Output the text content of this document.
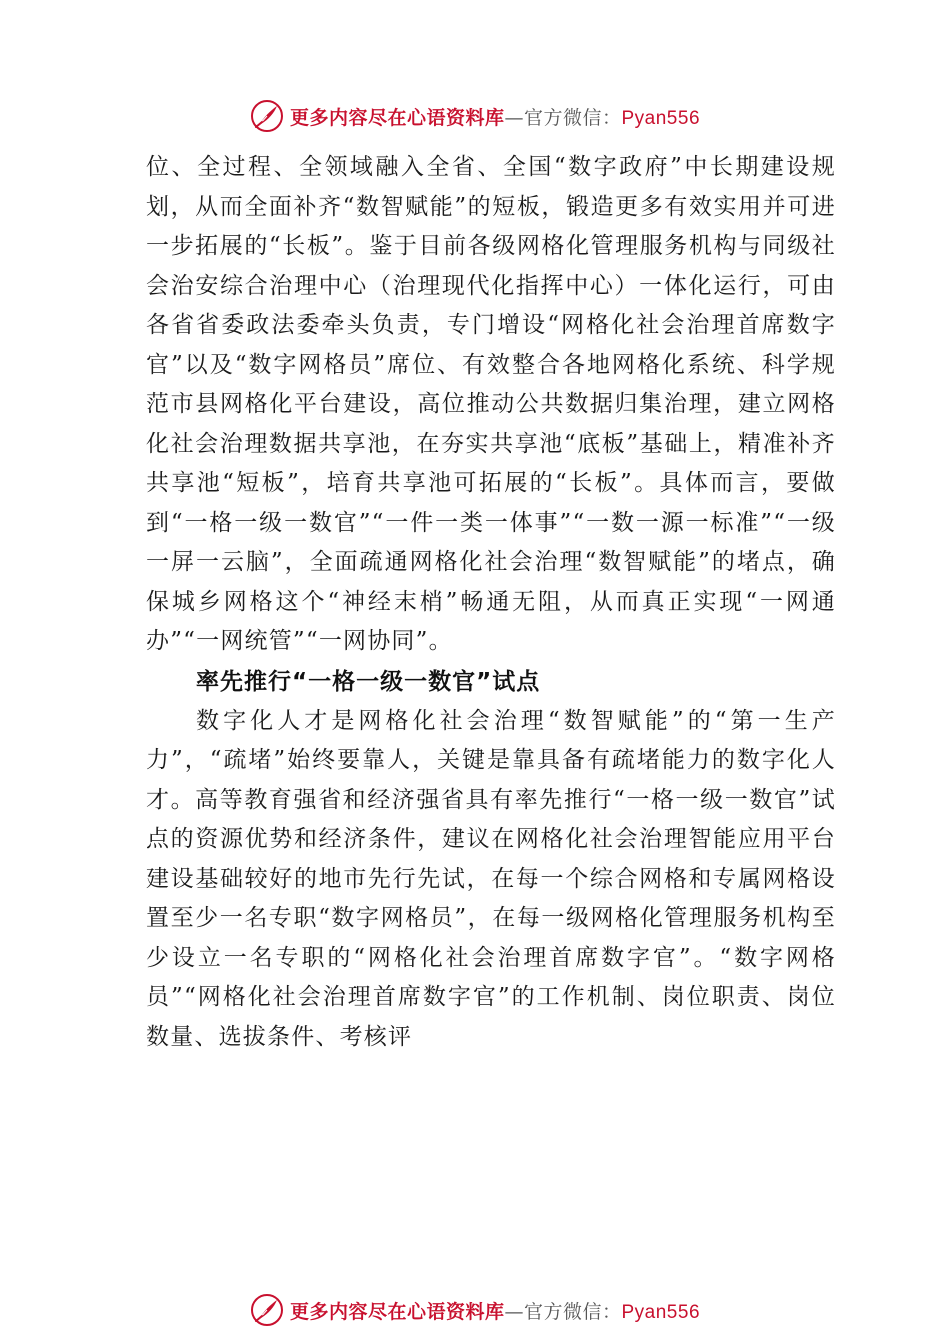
更多内容尽在心语资料库—官方微信：Pyan556

位、全过程、全领域融入全省、全国“数字政府”中长期建设规划，从而全面补齐“数智赋能”的短板，锻造更多有效实用并可进一步拓展的“长板”。鉴于目前各级网格化管理服务机构与同级社会治安综合治理中心（治理现代化指挥中心）一体化运行，可由各省省委政法委牵头负责，专门增设“网格化社会治理首席数字官”以及“数字网格员”席位、有效整合各地网格化系统、科学规范市县网格化平台建设，高位推动公共数据归集治理，建立网格化社会治理数据共享池，在夯实共享池“底板”基础上，精准补齐共享池“短板”，培育共享池可拓展的“长板”。具体而言，要做到“一格一级一数官”“一件一类一体事”“一数一源一标准”“一级一屏一云脑”，全面疏通网格化社会治理“数智赋能”的堵点，确保城乡网格这个“神经末梢”畅通无阻，从而真正实现“一网通办”“一网统管”“一网协同”。

率先推行“一格一级一数官”试点

数字化人才是网格化社会治理“数智赋能”的“第一生产力”，“疏堵”始终要靠人，关键是靠具备有疏堵能力的数字化人才。高等教育强省和经济强省具有率先推行“一格一级一数官”试点的资源优势和经济条件，建议在网格化社会治理智能应用平台建设基础较好的地市先行先试，在每一个综合网格和专属网格设置至少一名专职“数字网格员”，在每一级网格化管理服务机构至少设立一名专职的“网格化社会治理首席数字官”。“数字网格员”“网格化社会治理首席数字官”的工作机制、岗位职责、岗位数量、选拔条件、考核评

更多内容尽在心语资料库—官方微信：Pyan556
